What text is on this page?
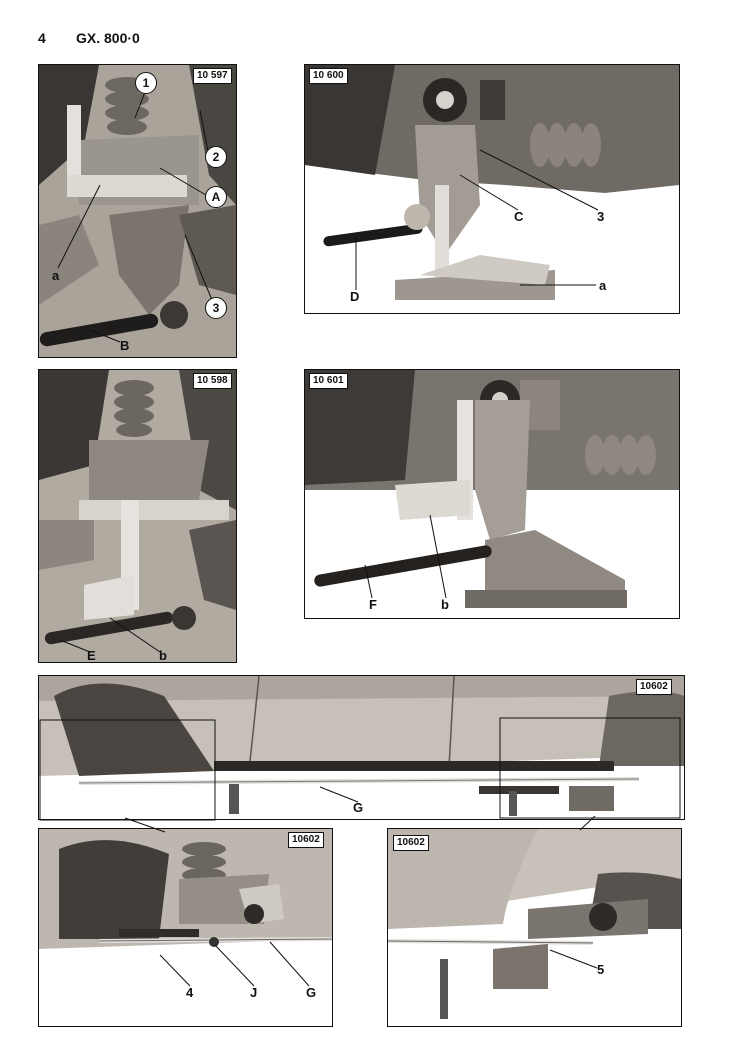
4 GX. 800·0
10 597
1
2
A
a
3
B
10 600
C	3
D
a
10 598
E	b
10 601
F	b
10602
G
10602
4	J	G
10602
5
